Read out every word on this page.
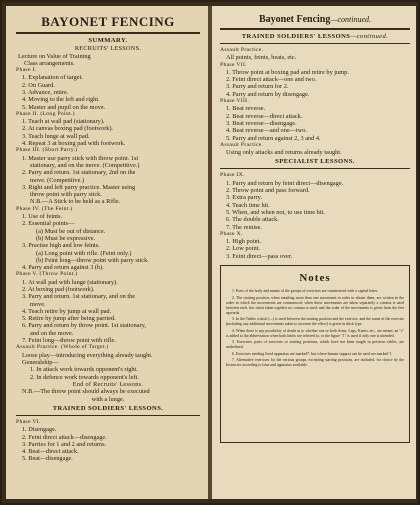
BAYONET FENCING
SUMMARY.
RECRUITS' LESSONS.
Lecture on Value of Training
Class arrangements.
Phase I.
1. Explanation of target.
2. On Guard.
3. Advance, retire.
4. Moving to the left and right.
5. Master and pupil on the move.
Phase II. (Long Point.)
1. Teach at wall pad (stationary).
2. At canvas boxing pad (footwork).
3. Teach lunge at wall pad.
4. Repeat 3 at boxing pad with footwork.
Phase III. (Short Parry.)
1. Master use parry stick with throw point. 1st
stationary, and on the move. (Competitive.)
2. Parry and return. 1st stationary, 2nd on the
move. (Competitive.)
3. Right and left parry practice. Master using
throw point with parry stick.
N.B.—A Stick to be held as a Rifle.
Phase IV. (The Feint.)
1. Use of feints.
2. Essential points—
(a) Must be out of distance.
(b) Must be expressive.
3. Practise high and low feints.
(a) Long point with rifle. (Feint only.)
(b) Feint long—throw point with parry stick.
4. Parry and return against 3 (b).
Phase V. (Throw Point.)
1. At wall pad with lunge (stationary).
2. At boxing pad (footwork).
3. Parry and return. 1st stationary, and on the
move.
4. Teach retire by jump at wall pad.
5. Retire by jump after being parried.
6. Parry and return by throw point. 1st stationary,
and on the move.
7. Feint long—throw point with rifle.
Assault Practice. (Whole of Target.)
Loose play—introducing everything already taught.
Generalship—
1. In attack work towards opponent's right.
2. In defence work towards opponent's left.
End of Recruits' Lessons.
N.B.—The throw point should always be executed
with a lunge.
TRAINED SOLDIERS' LESSONS.
Phase VI.
1. Disengage.
2. Feint direct attack—disengage.
3. Parries for 1 and 2 and returns.
4. Beat—direct attack.
5. Beat—disengage.
Bayonet Fencing—continued.
TRAINED SOLDIERS' LESSONS—continued.
Assault Practice.
All points, feints, beats, etc.
Phase VII.
1. Throw point at boxing pad and retire by jump.
2. Feint direct attack—one and two.
3. Parry and return for 2.
4. Parry and return by disengage.
Phase VIII.
1. Beat reverse.
2. Beat reverse—direct attack.
3. Beat reverse—disengage.
4. Beat reverse—and one—two.
5. Parry and return against 2, 3 and 4.
Assault Practice.
Using only attacks and returns already taught.
SPECIALIST LESSONS.
Phase IX.
1. Parry and return by feint direct—disengage.
2. Throw point and pass forward.
3. Extra parry.
4. Teach time hit.
5. When, and when not, to use time hit.
6. The double attack.
7. The remise.
Phase X.
1. High point.
2. Low point.
3. Feint direct—pass over.
Notes
1. Parts of the body and names of the groups of exercises are commenced with a capital letter.
2. The starting position, when entailing more than one movement in order to obtain them, are written in the order in which the movements are commenced; when these movements are taken separately a comma is used between each, but when taken together no comma is used, and the order of the movements is given from the feet upwards.
3. In the Tables a dash (—) is used between the starting position and the exercise, and the name of the exercise (including any additional movements taken to increase the effect) is given in thick type.
4. When there is any possibility of doubt as to whether one or both Arms, Legs, Knees, etc., are meant, an "s" is added to the abbreviation when both limbs are referred to, or the figure "1" is used if only one is intended.
5. Exercises, parts of exercises or starting positions, which have not been taught in previous tables, are underlined.
6. Exercises needing fixed apparatus are marked*, but where human support can be used are marked †.
7. Alternative exercises for the various groups, excepting starting positions, are included, for choice by the Instructor according to time and apparatus available.
